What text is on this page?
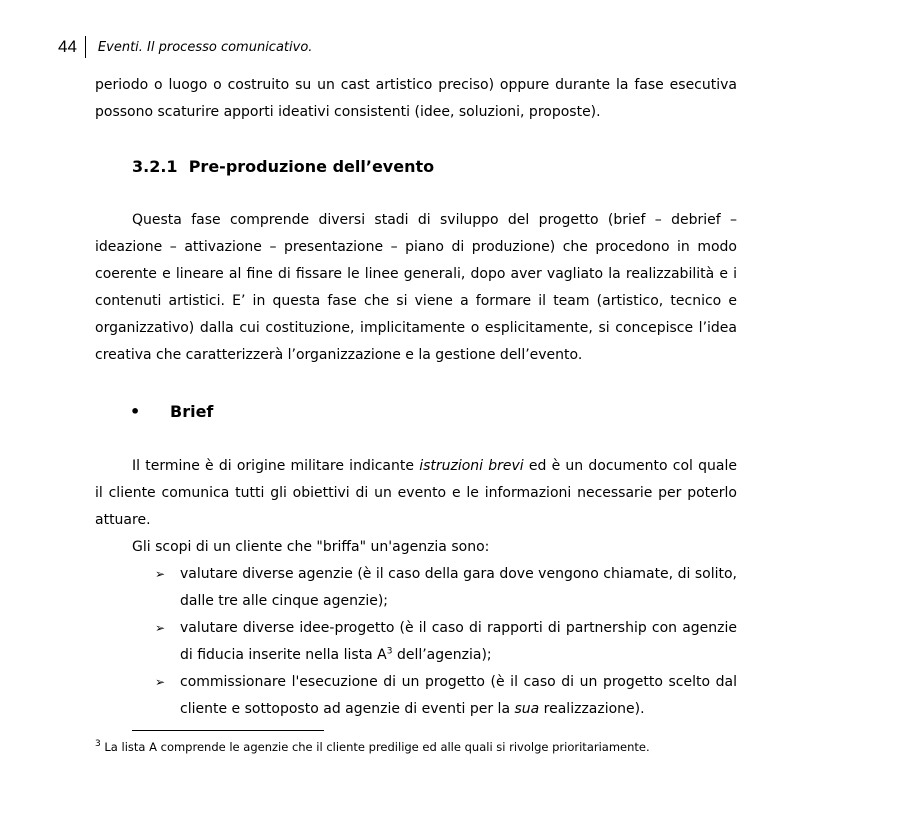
44	Eventi. Il processo comunicativo.

periodo o luogo o costruito su un cast artistico preciso) oppure durante la fase esecutiva possono scaturire apporti ideativi consistenti (idee, soluzioni, proposte).

3.2.1 Pre-produzione dell’evento

Questa fase comprende diversi stadi di sviluppo del progetto (brief – debrief – ideazione – attivazione – presentazione – piano di produzione) che procedono in modo coerente e lineare al fine di fissare le linee generali, dopo aver vagliato la realizzabilità e i contenuti artistici. E’ in questa fase che si viene a formare il team (artistico, tecnico e organizzativo) dalla cui costituzione, implicitamente o esplicitamente, si concepisce l’idea creativa che caratterizzerà l’organizzazione e la gestione dell’evento.

•	Brief

Il termine è di origine militare indicante istruzioni brevi ed è un documento col quale il cliente comunica tutti gli obiettivi di un evento e le informazioni necessarie per poterlo attuare.

Gli scopi di un cliente che "briffa" un'agenzia sono:

➢	valutare diverse agenzie (è il caso della gara dove vengono chiamate, di solito, dalle tre alle cinque agenzie);
➢	valutare diverse idee-progetto (è il caso di rapporti di partnership con agenzie di fiducia inserite nella lista $A^3$ dell’agenzia);
➢	commissionare l'esecuzione di un progetto (è il caso di un progetto scelto dal cliente e sottoposto ad agenzie di eventi per la sua realizzazione).
$^3$ La lista A comprende le agenzie che il cliente predilige ed alle quali si rivolge prioritariamente.
